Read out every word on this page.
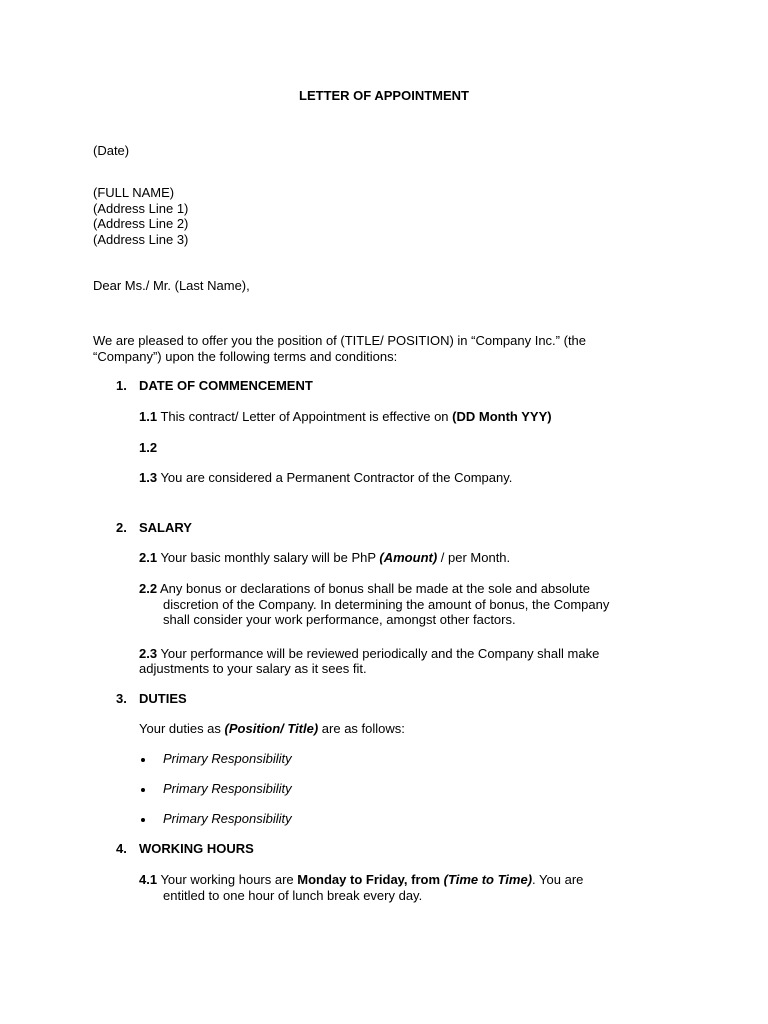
LETTER OF APPOINTMENT
(Date)
(FULL NAME)
(Address Line 1)
(Address Line 2)
(Address Line 3)
Dear Ms./ Mr. (Last Name),
We are pleased to offer you the position of (TITLE/ POSITION) in “Company Inc.” (the
“Company”) upon the following terms and conditions:
1. DATE OF COMMENCEMENT
1.1 This contract/ Letter of Appointment is effective on (DD Month YYY)
1.2
1.3 You are considered a Permanent Contractor of the Company.
2. SALARY
2.1 Your basic monthly salary will be PhP (Amount) / per Month.
2.2 Any bonus or declarations of bonus shall be made at the sole and absolute
discretion of the Company. In determining the amount of bonus, the Company
shall consider your work performance, amongst other factors.
2.3 Your performance will be reviewed periodically and the Company shall make
adjustments to your salary as it sees fit.
3. DUTIES
Your duties as (Position/ Title) are as follows:
Primary Responsibility
Primary Responsibility
Primary Responsibility
4. WORKING HOURS
4.1 Your working hours are Monday to Friday, from (Time to Time). You are
entitled to one hour of lunch break every day.
